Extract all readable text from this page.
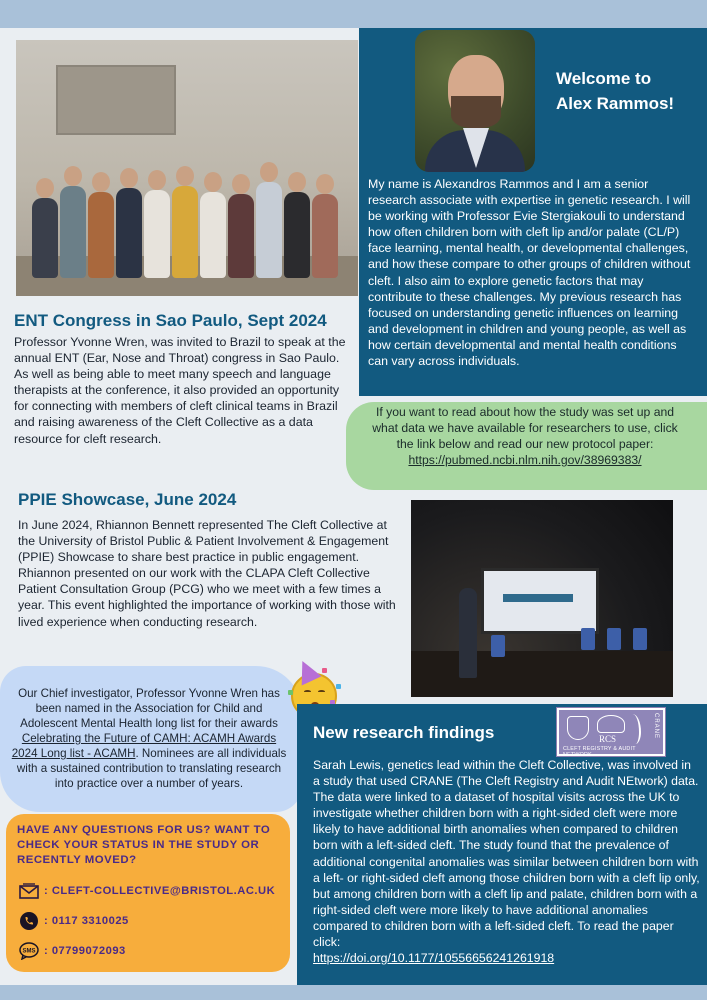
Welcome to
Alex Rammos!
My name is Alexandros Rammos and I am a senior research associate with expertise in genetic research. I will be working with Professor Evie Stergiakouli to understand how often children born with cleft lip and/or palate (CL/P) face learning, mental health, or developmental challenges, and how these compare to other groups of children without cleft. I also aim to explore genetic factors that may contribute to these challenges. My previous research has focused on understanding genetic influences on learning and development in children and young people, as well as how certain developmental and mental health conditions can vary across individuals.
If you want to read about how the study was set up and what data we have available for researchers to use, click the link below and read our new protocol paper:
https://pubmed.ncbi.nlm.nih.gov/38969383/
ENT Congress in Sao Paulo, Sept 2024
Professor Yvonne Wren, was invited to Brazil to speak at the annual ENT (Ear, Nose and Throat) congress in Sao Paulo. As well as being able to meet many speech and language therapists at the conference, it also provided an opportunity for connecting with members of cleft clinical teams in Brazil and raising awareness of the Cleft Collective as a data resource for cleft research.
PPIE Showcase, June 2024
In June 2024, Rhiannon Bennett represented The Cleft Collective at the University of Bristol Public & Patient Involvement & Engagement (PPIE) Showcase to share best practice in public engagement. Rhiannon presented on our work with the CLAPA Cleft Collective Patient Consultation Group (PCG) who we meet with a few times a year. This event highlighted the importance of working with those with lived experience when conducting research.
Our Chief investigator, Professor Yvonne Wren has been named in the Association for Child and Adolescent Mental Health long list for their awards Celebrating the Future of CAMH: ACAMH Awards 2024 Long list - ACAMH. Nominees are all individuals with a sustained contribution to translating research into practice over a number of years.
HAVE ANY QUESTIONS FOR US? WANT TO CHECK YOUR STATUS IN THE STUDY OR RECENTLY MOVED?
: CLEFT-COLLECTIVE@BRISTOL.AC.UK
: 0117 3310025
SMS : 07799072093
New research findings	RCS	CRANE
CLEFT REGISTRY & AUDIT NETWORK
Sarah Lewis, genetics lead within the Cleft Collective, was involved in a study that used CRANE (The Cleft Registry and Audit NEtwork) data. The data were linked to a dataset of hospital visits across the UK to investigate whether children born with a right-sided cleft were more likely to have additional birth anomalies when compared to children born with a left-sided cleft. The study found that the prevalence of additional congenital anomalies was similar between children born with a left- or right-sided cleft among those children born with a cleft lip only, but among children born with a cleft lip and palate, children born with a right-sided cleft were more likely to have additional anomalies compared to children born with a left-sided cleft. To read the paper click:
https://doi.org/10.1177/10556656241261918
